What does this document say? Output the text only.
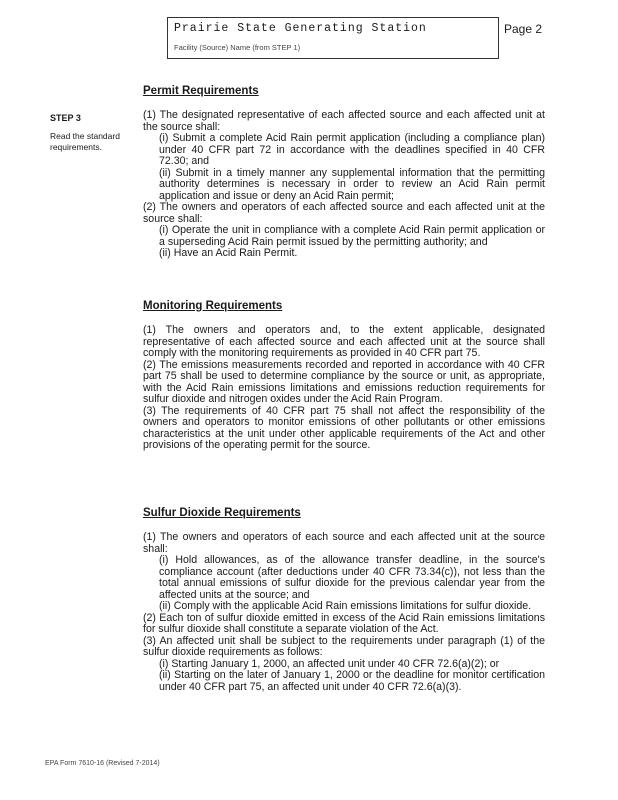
Prairie State Generating Station
Facility (Source) Name (from STEP 1)
Page 2
STEP 3
Read the standard requirements.
Permit Requirements

(1) The designated representative of each affected source and each affected unit at the source shall:

(i) Submit a complete Acid Rain permit application (including a compliance plan) under 40 CFR part 72 in accordance with the deadlines specified in 40 CFR 72.30; and

(ii) Submit in a timely manner any supplemental information that the permitting authority determines is necessary in order to review an Acid Rain permit application and issue or deny an Acid Rain permit;

(2) The owners and operators of each affected source and each affected unit at the source shall:

(i) Operate the unit in compliance with a complete Acid Rain permit application or a superseding Acid Rain permit issued by the permitting authority; and

(ii) Have an Acid Rain Permit.

Monitoring Requirements

(1) The owners and operators and, to the extent applicable, designated representative of each affected source and each affected unit at the source shall comply with the monitoring requirements as provided in 40 CFR part 75.

(2) The emissions measurements recorded and reported in accordance with 40 CFR part 75 shall be used to determine compliance by the source or unit, as appropriate, with the Acid Rain emissions limitations and emissions reduction requirements for sulfur dioxide and nitrogen oxides under the Acid Rain Program.

(3) The requirements of 40 CFR part 75 shall not affect the responsibility of the owners and operators to monitor emissions of other pollutants or other emissions characteristics at the unit under other applicable requirements of the Act and other provisions of the operating permit for the source.

Sulfur Dioxide Requirements

(1) The owners and operators of each source and each affected unit at the source shall:

(i) Hold allowances, as of the allowance transfer deadline, in the source's compliance account (after deductions under 40 CFR 73.34(c)), not less than the total annual emissions of sulfur dioxide for the previous calendar year from the affected units at the source; and

(ii) Comply with the applicable Acid Rain emissions limitations for sulfur dioxide.

(2) Each ton of sulfur dioxide emitted in excess of the Acid Rain emissions limitations for sulfur dioxide shall constitute a separate violation of the Act.

(3) An affected unit shall be subject to the requirements under paragraph (1) of the sulfur dioxide requirements as follows:

(i) Starting January 1, 2000, an affected unit under 40 CFR 72.6(a)(2); or

(ii) Starting on the later of January 1, 2000 or the deadline for monitor certification under 40 CFR part 75, an affected unit under 40 CFR 72.6(a)(3).

EPA Form 7610-16 (Revised 7-2014)
